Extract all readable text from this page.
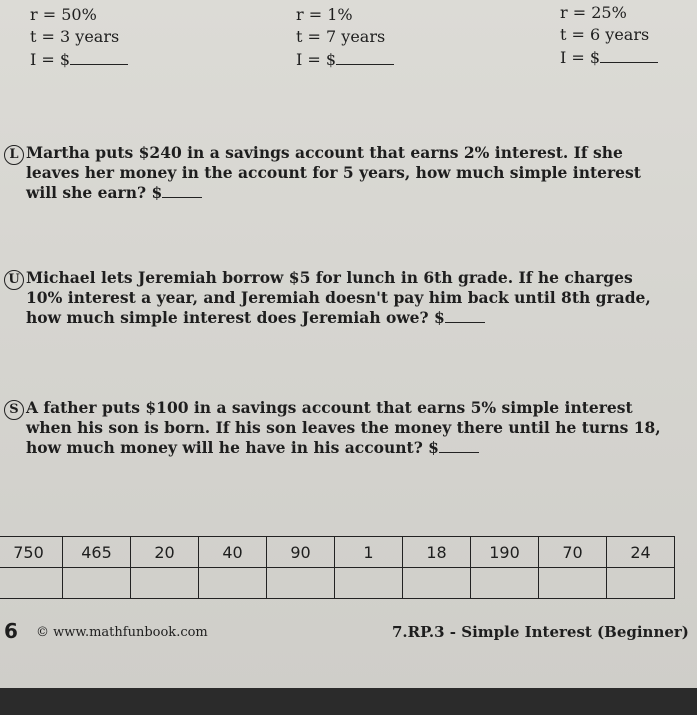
r = 50%
t = 3 years
I = $
r = 1%
t = 7 years
I = $
r = 25%
t = 6 years
I = $
L Martha puts $240 in a savings account that earns 2% interest. If she leaves her money in the account for 5 years, how much simple interest will she earn? $
U Michael lets Jeremiah borrow $5 for lunch in 6th grade. If he charges 10% interest a year, and Jeremiah doesn't pay him back until 8th grade, how much simple interest does Jeremiah owe? $
S A father puts $100 in a savings account that earns 5% simple interest when his son is born. If his son leaves the money there until he turns 18, how much money will he have in his account? $
750	465	20	40	90	1	18	190	70	24

6 © www.mathfunbook.com	7.RP.3 - Simple Interest (Beginner)
